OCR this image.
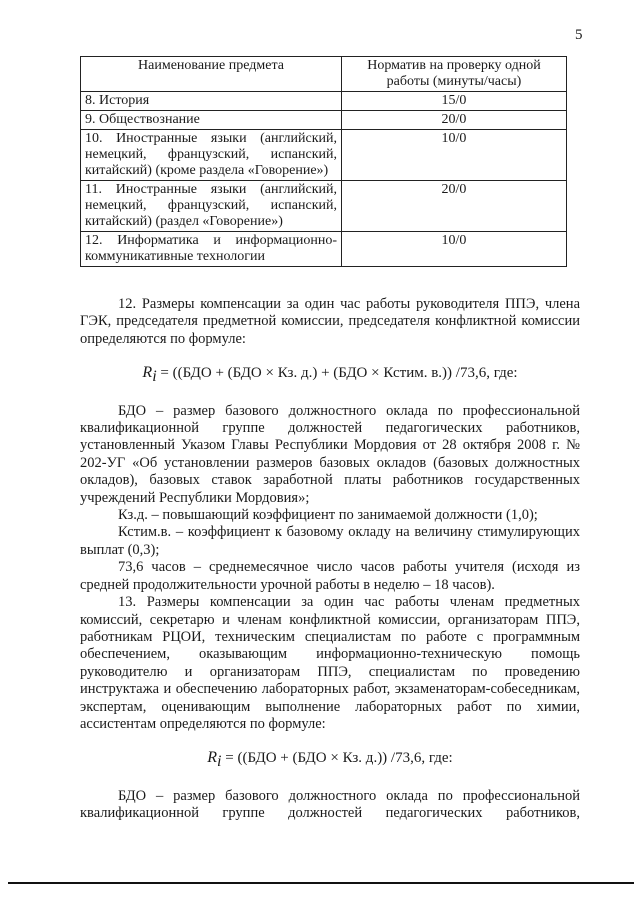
5
Наименование предмета	Норматив на проверку одной работы (минуты/часы)
8. История	15/0
9. Обществознание	20/0
10. Иностранные языки (английский, немецкий, французский, испанский, китайский) (кроме раздела «Говорение»)	10/0
11. Иностранные языки (английский, немецкий, французский, испанский, китайский) (раздел «Говорение»)	20/0
12. Информатика и информационно-коммуникативные технологии	10/0

12. Размеры компенсации за один час работы руководителя ППЭ, члена ГЭК, председателя предметной комиссии, председателя конфликтной комиссии определяются по формуле:

$R_i = ((БДО + (БДО$ × Кз. д.) + (БДО × Кстим. в.)) /73,6, где:

БДО – размер базового должностного оклада по профессиональной квалификационной группе должностей педагогических работников, установленный Указом Главы Республики Мордовия от 28 октября 2008 г. № 202-УГ «Об установлении размеров базовых окладов (базовых должностных окладов), базовых ставок заработной платы работников государственных учреждений Республики Мордовия»;

Кз.д. – повышающий коэффициент по занимаемой должности (1,0);

Кстим.в. – коэффициент к базовому окладу на величину стимулирующих выплат (0,3);

73,6 часов – среднемесячное число часов работы учителя (исходя из средней продолжительности урочной работы в неделю – 18 часов).

13. Размеры компенсации за один час работы членам предметных комиссий, секретарю и членам конфликтной комиссии, организаторам ППЭ, работникам РЦОИ, техническим специалистам по работе с программным обеспечением, оказывающим информационно-техническую помощь руководителю и организаторам ППЭ, специалистам по проведению инструктажа и обеспечению лабораторных работ, экзаменаторам-собеседникам, экспертам, оценивающим выполнение лабораторных работ по химии, ассистентам определяются по формуле:

$R_i = ((БДО + (БДО$ × Кз. д.)) /73,6, где:

БДО – размер базового должностного оклада по профессиональной квалификационной группе должностей педагогических работников,
